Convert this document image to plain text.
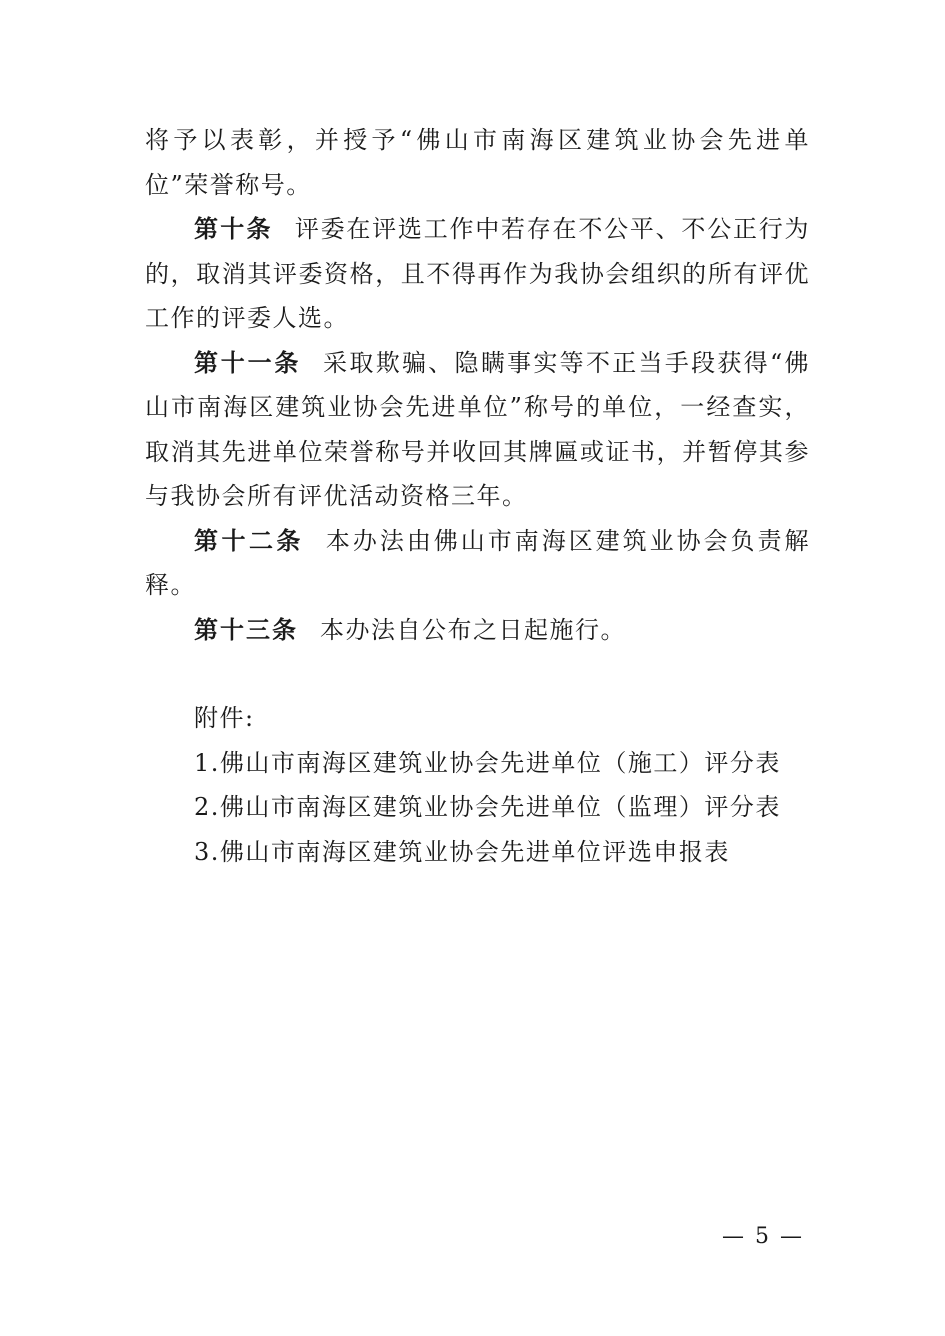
将予以表彰，并授予“佛山市南海区建筑业协会先进单位”荣誉称号。

第十条 评委在评选工作中若存在不公平、不公正行为的，取消其评委资格，且不得再作为我协会组织的所有评优工作的评委人选。

第十一条 采取欺骗、隐瞒事实等不正当手段获得“佛山市南海区建筑业协会先进单位”称号的单位，一经查实，取消其先进单位荣誉称号并收回其牌匾或证书，并暂停其参与我协会所有评优活动资格三年。

第十二条 本办法由佛山市南海区建筑业协会负责解释。

第十三条 本办法自公布之日起施行。

附件:

1.佛山市南海区建筑业协会先进单位（施工）评分表

2.佛山市南海区建筑业协会先进单位（监理）评分表

3.佛山市南海区建筑业协会先进单位评选申报表

— 5 —
